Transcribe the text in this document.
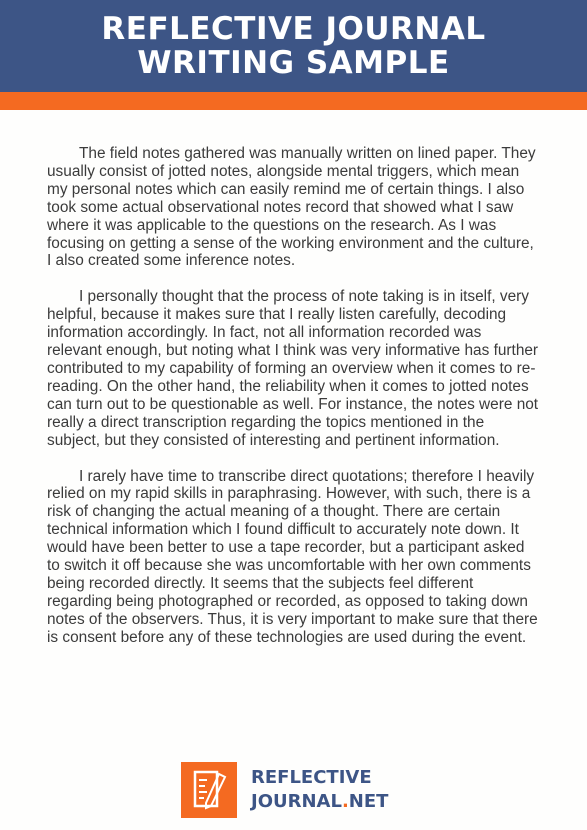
REFLECTIVE JOURNAL
WRITING SAMPLE

The field notes gathered was manually written on lined paper. They usually consist of jotted notes, alongside mental triggers, which mean my personal notes which can easily remind me of certain things. I also took some actual observational notes record that showed what I saw where it was applicable to the questions on the research. As I was focusing on getting a sense of the working environment and the culture, I also created some inference notes.

I personally thought that the process of note taking is in itself, very helpful, because it makes sure that I really listen carefully, decoding information accordingly. In fact, not all information recorded was relevant enough, but noting what I think was very informative has further contributed to my capability of forming an overview when it comes to re-reading. On the other hand, the reliability when it comes to jotted notes can turn out to be questionable as well. For instance, the notes were not really a direct transcription regarding the topics mentioned in the subject, but they consisted of interesting and pertinent information.

I rarely have time to transcribe direct quotations; therefore I heavily relied on my rapid skills in paraphrasing. However, with such, there is a risk of changing the actual meaning of a thought. There are certain technical information which I found difficult to accurately note down. It would have been better to use a tape recorder, but a participant asked to switch it off because she was uncomfortable with her own comments being recorded directly. It seems that the subjects feel different regarding being photographed or recorded, as opposed to taking down notes of the observers. Thus, it is very important to make sure that there is consent before any of these technologies are used during the event.

REFLECTIVE
JOURNAL.NET
